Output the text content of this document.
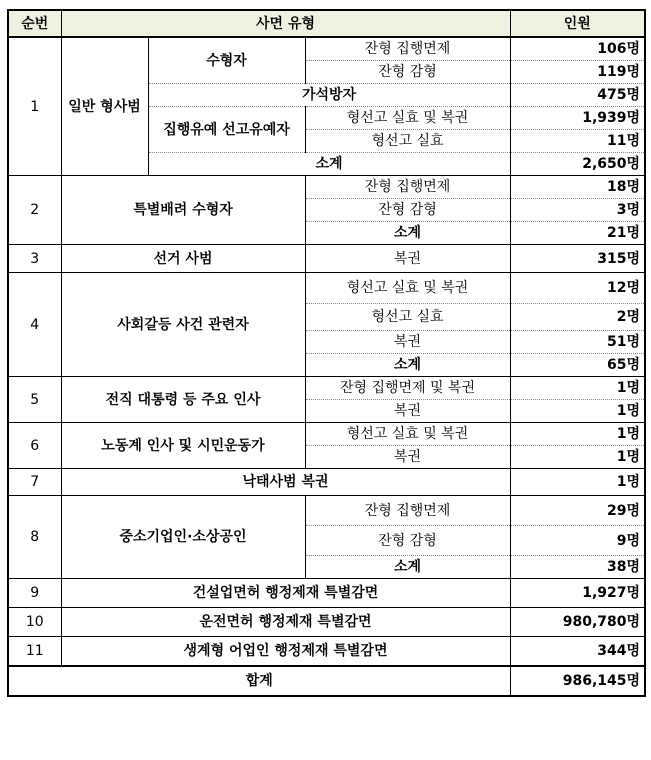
순번	사면 유형			인원
1	일반 형사범	수형자	잔형 집행면제	106명
			잔형 감형	119명
		가석방자		475명
		집행유예 선고유예자	형선고 실효 및 복권	1,939명
			형선고 실효	11명
		소계		2,650명
2	특별배려 수형자		잔형 집행면제	18명
			잔형 감형	3명
			소계	21명
3	선거 사범		복권	315명
4	사회갈등 사건 관련자		형선고 실효 및 복권	12명
			형선고 실효	2명
			복권	51명
			소계	65명
5	전직 대통령 등 주요 인사		잔형 집행면제 및 복권	1명
			복권	1명
6	노동계 인사 및 시민운동가		형선고 실효 및 복권	1명
			복권	1명
7	낙태사범 복권			1명
8	중소기업인·소상공인		잔형 집행면제	29명
			잔형 감형	9명
			소계	38명
9	건설업면허 행정제재 특별감면			1,927명
10	운전면허 행정제재 특별감면			980,780명
11	생계형 어업인 행정제재 특별감면			344명
합계				986,145명
